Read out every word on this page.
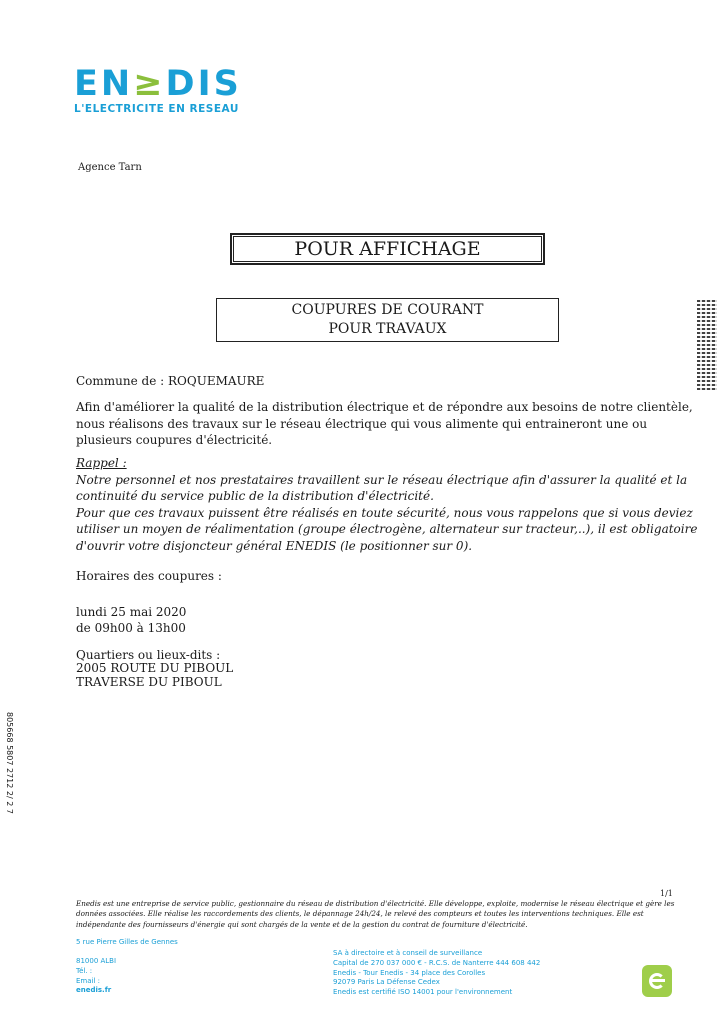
EN≥DIS
L'ELECTRICITE EN RESEAU
Agence Tarn
POUR AFFICHAGE
COUPURES DE COURANT
POUR TRAVAUX
Commune de : ROQUEMAURE
Afin d'améliorer la qualité de la distribution électrique et de répondre aux besoins de notre clientèle, nous réalisons des travaux sur le réseau électrique qui vous alimente qui entraineront une ou plusieurs coupures d'électricité.
Rappel :
Notre personnel et nos prestataires travaillent sur le réseau électrique afin d'assurer la qualité et la continuité du service public de la distribution d'électricité.
Pour que ces travaux puissent être réalisés en toute sécurité, nous vous rappelons que si vous deviez utiliser un moyen de réalimentation (groupe électrogène, alternateur sur tracteur,..), il est obligatoire d'ouvrir votre disjoncteur général ENEDIS (le positionner sur 0).
Horaires des coupures :
lundi 25 mai 2020
de 09h00 à 13h00
Quartiers ou lieux-dits :
2005 ROUTE DU PIBOUL
TRAVERSE DU PIBOUL
805668 5807 2712 2/ 2 7
1/1
Enedis est une entreprise de service public, gestionnaire du réseau de distribution d'électricité. Elle développe, exploite, modernise le réseau électrique et gère les données associées. Elle réalise les raccordements des clients, le dépannage 24h/24, le relevé des compteurs et toutes les interventions techniques. Elle est indépendante des fournisseurs d'énergie qui sont chargés de la vente et de la gestion du contrat de fourniture d'électricité.
5 rue Pierre Gilles de Gennes
81000 ALBI
Tél. :
Email :
enedis.fr
SA à directoire et à conseil de surveillance
Capital de 270 037 000 € - R.C.S. de Nanterre 444 608 442
Enedis - Tour Enedis - 34 place des Corolles
92079 Paris La Défense Cedex
Enedis est certifié ISO 14001 pour l'environnement
